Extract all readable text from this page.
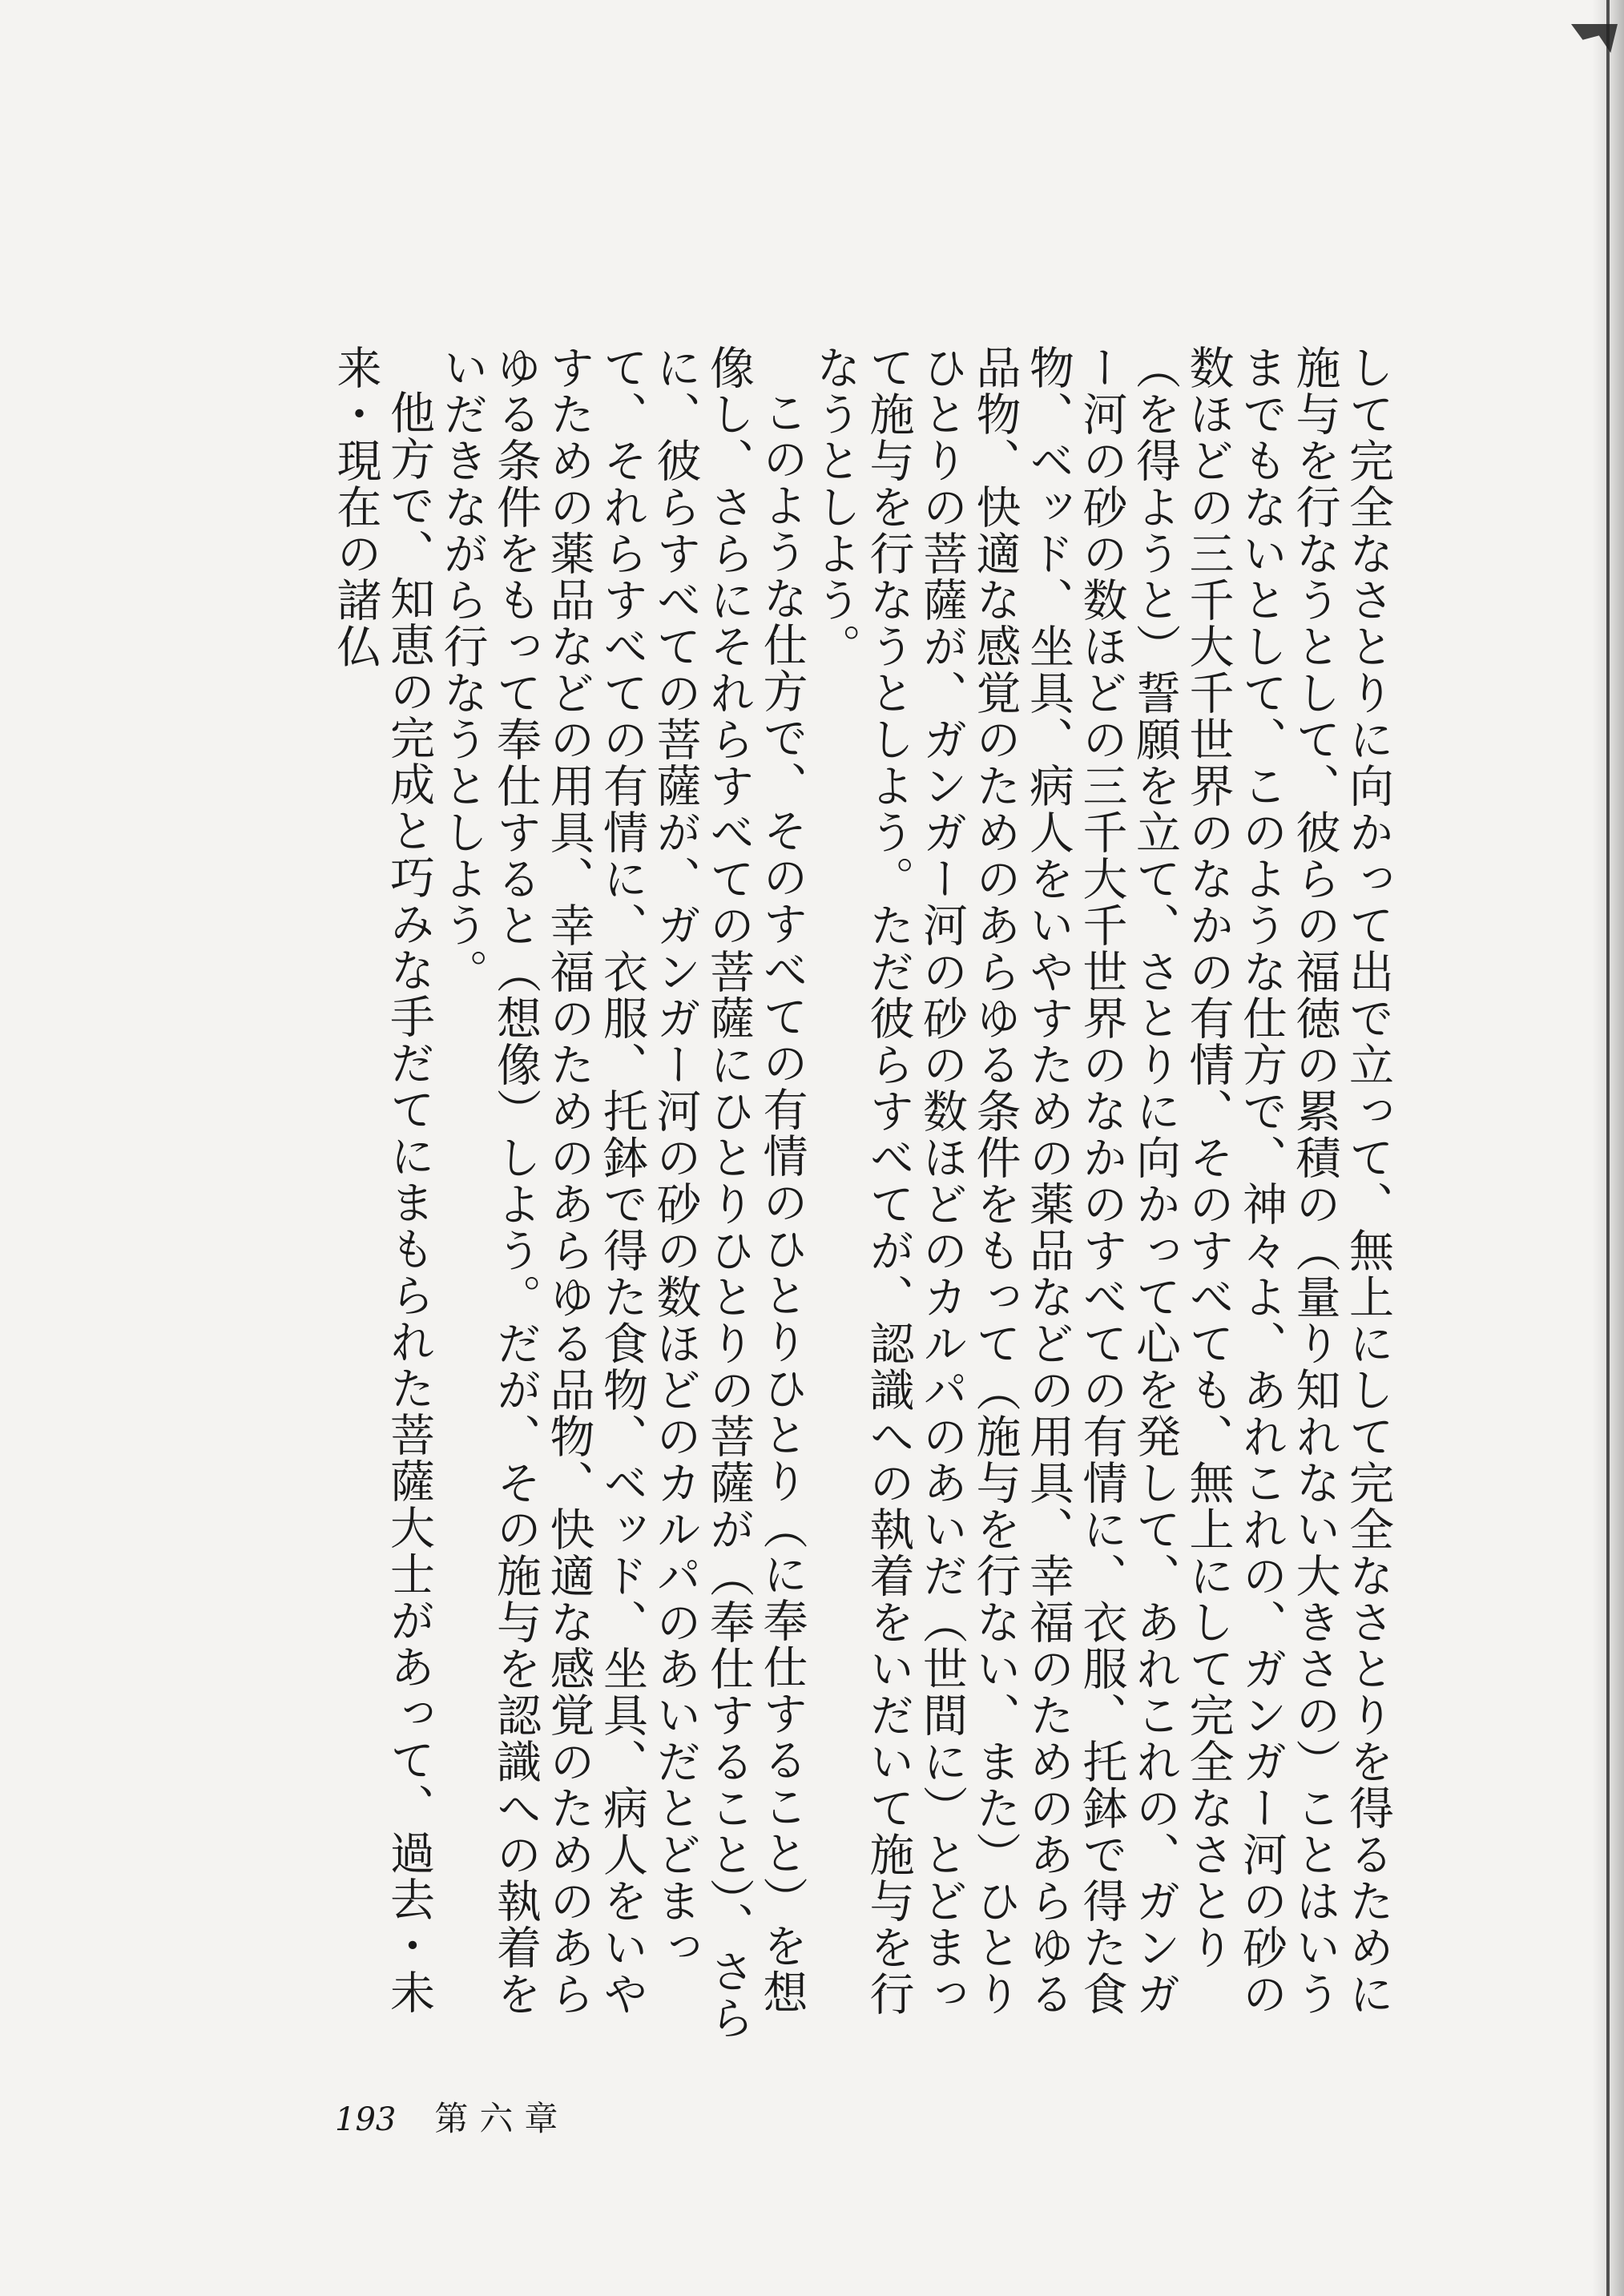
して完全なさとりに向かって出で立って、無上にして完全なさとりを得るために施与を行なうとして、彼らの福徳の累積の（量り知れない大きさの）ことはいうまでもないとして、このような仕方で、神々よ、あれこれの、ガンガー河の砂の数ほどの三千大千世界のなかの有情、そのすべても、無上にして完全なさとり（を得ようと）誓願を立て、さとりに向かって心を発して、あれこれの、ガンガー河の砂の数ほどの三千大千世界のなかのすべての有情に、衣服、托鉢で得た食物、ベッド、坐具、病人をいやすための薬品などの用具、幸福のためのあらゆる品物、快適な感覚のためのあらゆる条件をもって（施与を行ない、また）ひとりひとりの菩薩が、ガンガー河の砂の数ほどのカルパのあいだ（世間に）とどまって施与を行なうとしよう。ただ彼らすべてが、認識への執着をいだいて施与を行なうとしよう。

このような仕方で、そのすべての有情のひとりひとり（に奉仕すること）を想像し、さらにそれらすべての菩薩にひとりひとりの菩薩が（奉仕すること）、さらに、彼らすべての菩薩が、ガンガー河の砂の数ほどのカルパのあいだとどまって、それらすべての有情に、衣服、托鉢で得た食物、ベッド、坐具、病人をいやすための薬品などの用具、幸福のためのあらゆる品物、快適な感覚のためのあらゆる条件をもって奉仕すると（想像）しよう。だが、その施与を認識への執着をいだきながら行なうとしよう。

他方で、知恵の完成と巧みな手だてにまもられた菩薩大士があって、過去・未来・現在の諸仏

193 第六章
